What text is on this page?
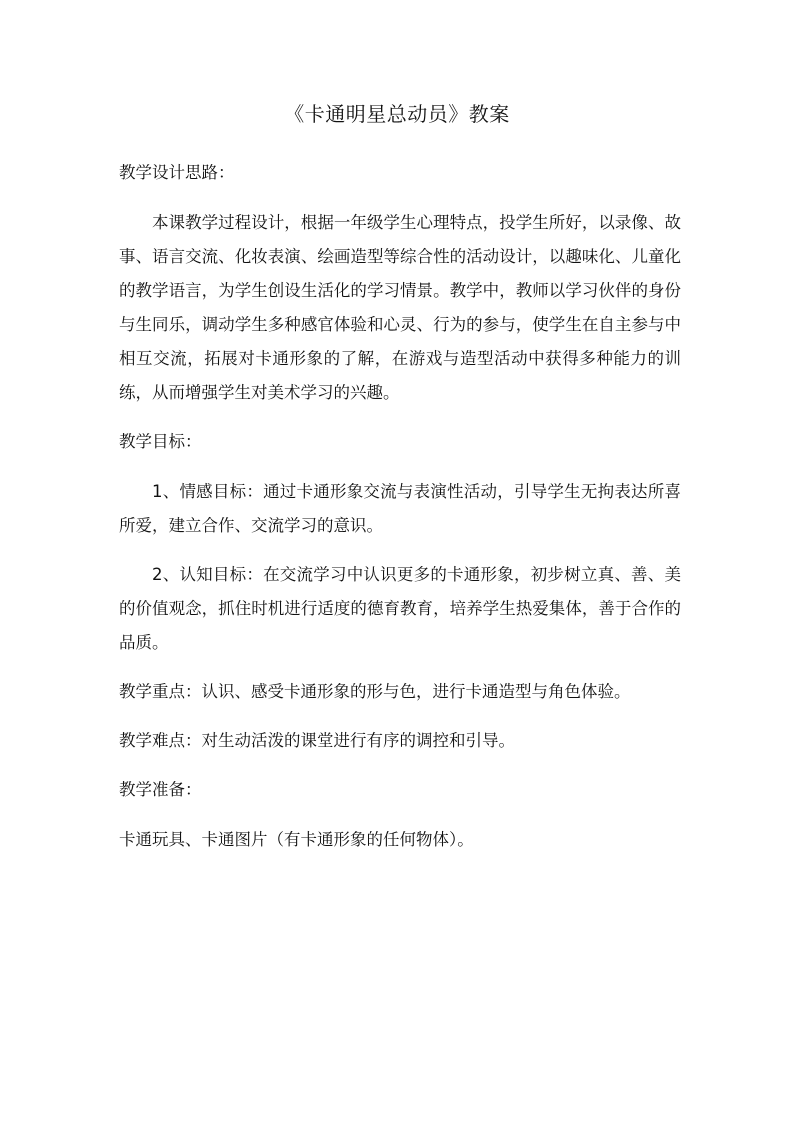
《卡通明星总动员》教案

教学设计思路：

本课教学过程设计，根据一年级学生心理特点，投学生所好，以录像、故事、语言交流、化妆表演、绘画造型等综合性的活动设计，以趣味化、儿童化的教学语言，为学生创设生活化的学习情景。教学中，教师以学习伙伴的身份与生同乐，调动学生多种感官体验和心灵、行为的参与，使学生在自主参与中相互交流，拓展对卡通形象的了解，在游戏与造型活动中获得多种能力的训练，从而增强学生对美术学习的兴趣。

教学目标：

1、情感目标：通过卡通形象交流与表演性活动，引导学生无拘表达所喜所爱，建立合作、交流学习的意识。

2、认知目标：在交流学习中认识更多的卡通形象，初步树立真、善、美的价值观念，抓住时机进行适度的德育教育，培养学生热爱集体，善于合作的品质。

教学重点：认识、感受卡通形象的形与色，进行卡通造型与角色体验。

教学难点：对生动活泼的课堂进行有序的调控和引导。

教学准备：

卡通玩具、卡通图片（有卡通形象的任何物体）。
